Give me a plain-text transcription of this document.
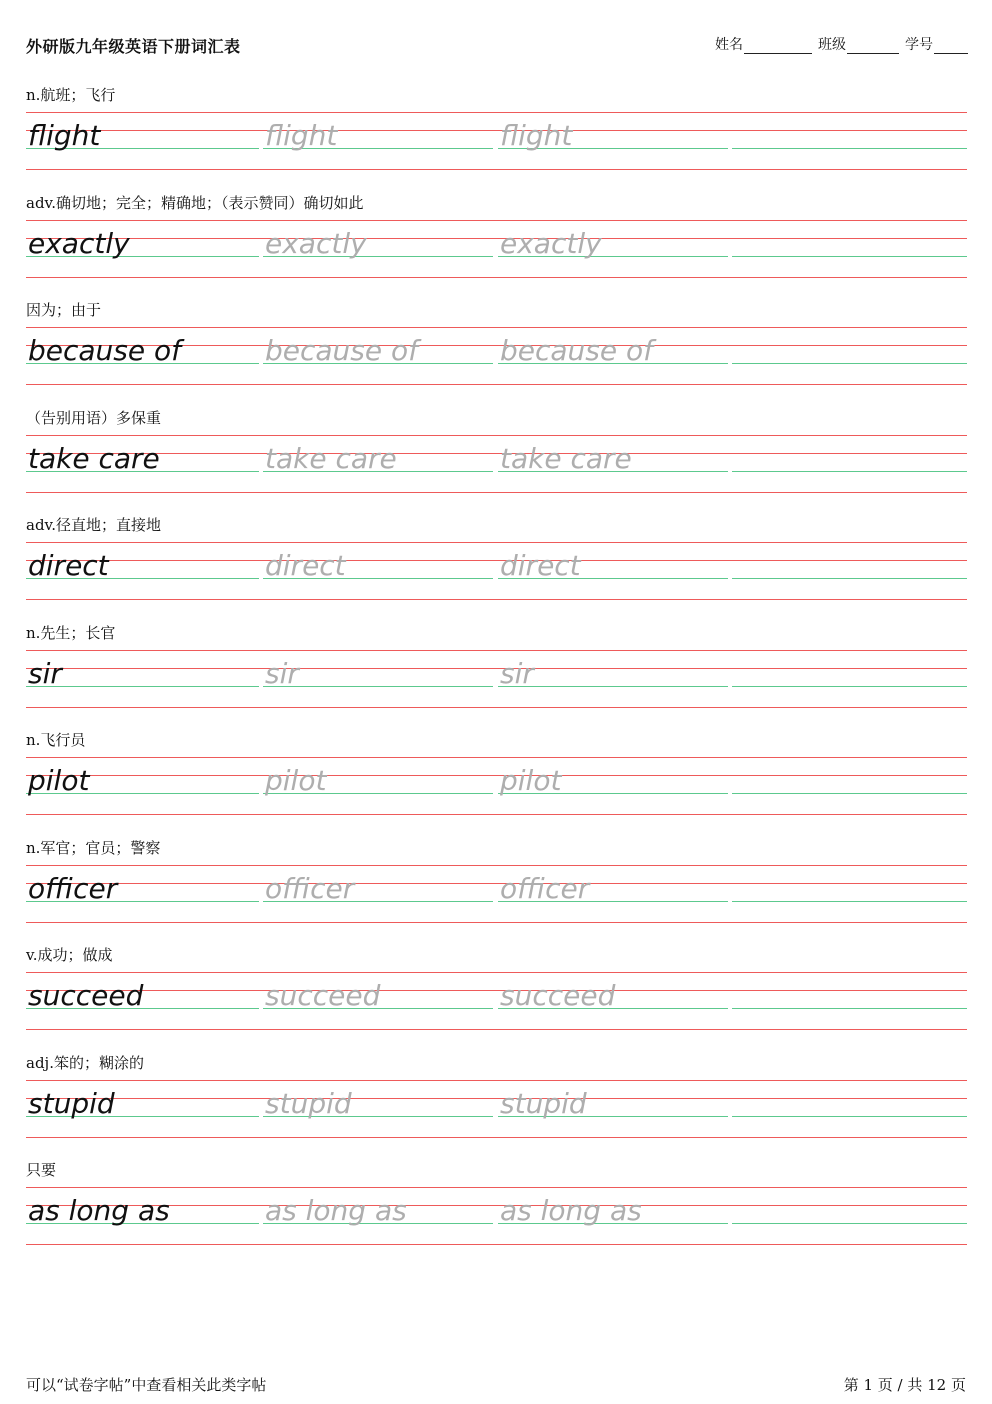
外研版九年级英语下册词汇表	姓名	班级	学号
n.航班；飞行
flight	flight	flight
adv.确切地；完全；精确地；（表示赞同）确切如此
exactly	exactly	exactly
因为；由于
because of	because of	because of
（告别用语）多保重
take care	take care	take care
adv.径直地；直接地
direct	direct	direct
n.先生；长官
sir	sir	sir
n.飞行员
pilot	pilot	pilot
n.军官；官员；警察
officer	officer	officer
v.成功；做成
succeed	succeed	succeed
adj.笨的；糊涂的
stupid	stupid	stupid
只要
as long as	as long as	as long as
可以“试卷字帖”中查看相关此类字帖	第 1 页 / 共 12 页
